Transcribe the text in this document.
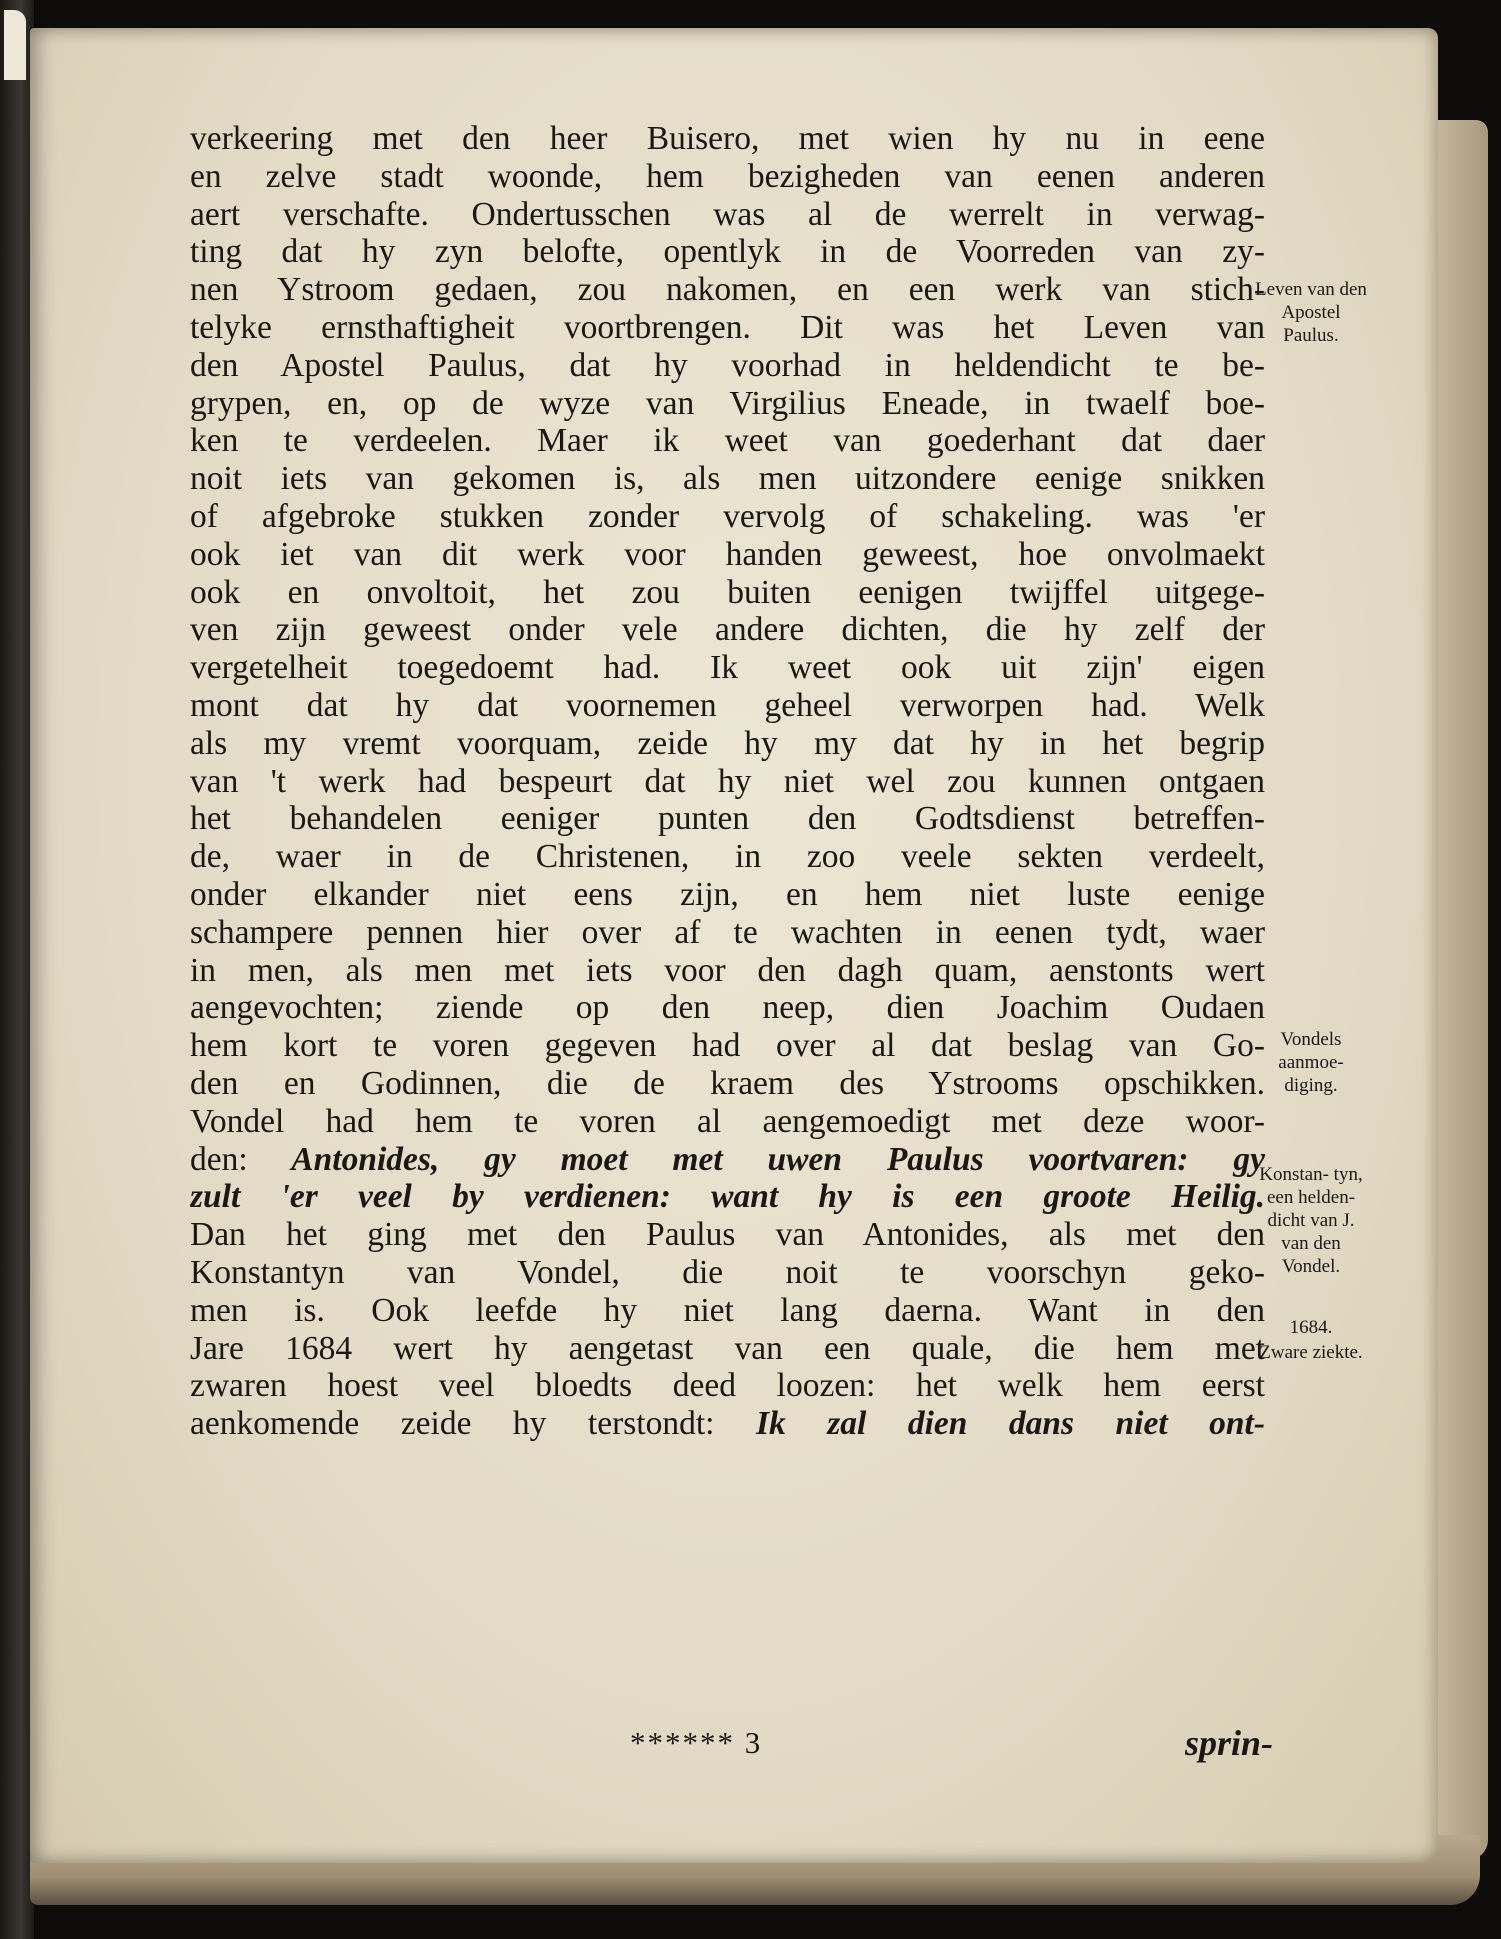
verkeering met den heer Buisero, met wien hy nu in eene
en zelve stadt woonde, hem bezigheden van eenen anderen
aert verschafte. Ondertusschen was al de werrelt in verwag-
ting dat hy zyn belofte, opentlyk in de Voorreden van zy-
nen Ystroom gedaen, zou nakomen, en een werk van stich-
telyke ernsthaftigheit voortbrengen. Dit was het Leven van
den Apostel Paulus, dat hy voorhad in heldendicht te be-
grypen, en, op de wyze van Virgilius Eneade, in twaelf boe-
ken te verdeelen. Maer ik weet van goederhant dat daer
noit iets van gekomen is, als men uitzondere eenige snikken
of afgebroke stukken zonder vervolg of schakeling. was 'er
ook iet van dit werk voor handen geweest, hoe onvolmaekt
ook en onvoltoit, het zou buiten eenigen twijffel uitgege-
ven zijn geweest onder vele andere dichten, die hy zelf der
vergetelheit toegedoemt had. Ik weet ook uit zijn' eigen
mont dat hy dat voornemen geheel verworpen had. Welk
als my vremt voorquam, zeide hy my dat hy in het begrip
van 't werk had bespeurt dat hy niet wel zou kunnen ontgaen
het behandelen eeniger punten den Godtsdienst betreffen-
de, waer in de Christenen, in zoo veele sekten verdeelt,
onder elkander niet eens zijn, en hem niet luste eenige
schampere pennen hier over af te wachten in eenen tydt, waer
in men, als men met iets voor den dagh quam, aenstonts wert
aengevochten; ziende op den neep, dien Joachim Oudaen
hem kort te voren gegeven had over al dat beslag van Go-
den en Godinnen, die de kraem des Ystrooms opschikken.
Vondel had hem te voren al aengemoedigt met deze woor-
den: Antonides, gy moet met uwen Paulus voortvaren: gy
zult 'er veel by verdienen: want hy is een groote Heilig.
Dan het ging met den Paulus van Antonides, als met den
Konstantyn van Vondel, die noit te voorschyn geko-
men is. Ook leefde hy niet lang daerna. Want in den
Jare 1684 wert hy aengetast van een quale, die hem met
zwaren hoest veel bloedts deed loozen: het welk hem eerst
aenkomende zeide hy terstondt: Ik zal dien dans niet ont-
Leven van den Apostel Paulus.
Vondels aanmoe- diging.
Konstan- tyn, een helden- dicht van J. van den Vondel.
1684.
Zware ziekte.
****** 3	sprin-
